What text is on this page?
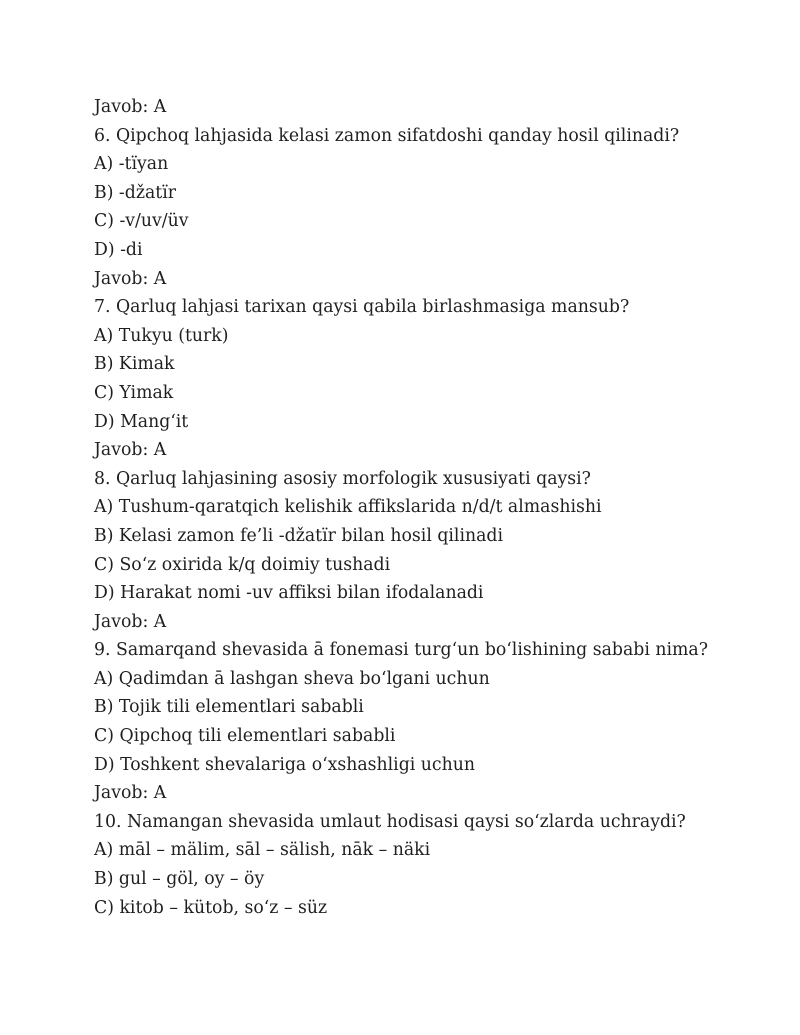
Javob: A
6. Qipchoq lahjasida kelasi zamon sifatdoshi qanday hosil qilinadi?
A) -tïyan
B) -džatïr
C) -v/uv/üv
D) -di
Javob: A
7. Qarluq lahjasi tarixan qaysi qabila birlashmasiga mansub?
A) Tukyu (turk)
B) Kimak
C) Yimak
D) Mang‘it
Javob: A
8. Qarluq lahjasining asosiy morfologik xususiyati qaysi?
A) Tushum-qaratqich kelishik affikslarida n/d/t almashishi
B) Kelasi zamon fe’li -džatïr bilan hosil qilinadi
C) So‘z oxirida k/q doimiy tushadi
D) Harakat nomi -uv affiksi bilan ifodalanadi
Javob: A
9. Samarqand shevasida ā fonemasi turg‘un bo‘lishining sababi nima?
A) Qadimdan ā lashgan sheva bo‘lgani uchun
B) Tojik tili elementlari sababli
C) Qipchoq tili elementlari sababli
D) Toshkent shevalariga o‘xshashligi uchun
Javob: A
10. Namangan shevasida umlaut hodisasi qaysi so‘zlarda uchraydi?
A) māl – mälim, sāl – sälish, nāk – näki
B) gul – göl, oy – öy
C) kitob – kütob, so‘z – süz
